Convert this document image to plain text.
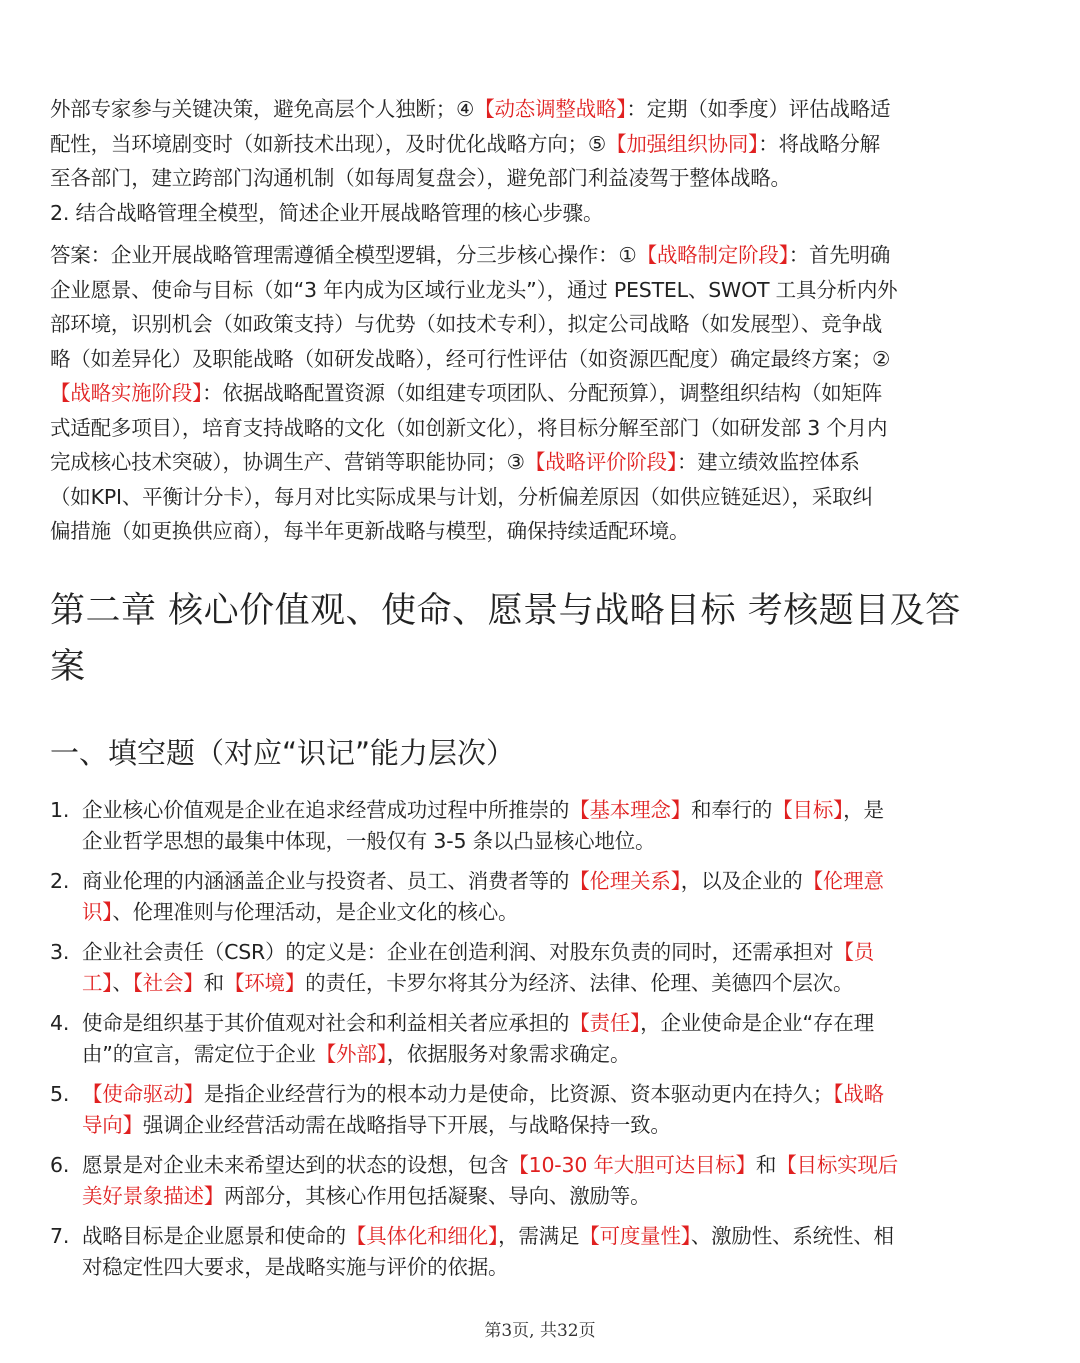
外部专家参与关键决策，避免高层个人独断；④【动态调整战略】：定期（如季度）评估战略适
配性，当环境剧变时（如新技术出现），及时优化战略方向；⑤【加强组织协同】：将战略分解
至各部门，建立跨部门沟通机制（如每周复盘会），避免部门利益凌驾于整体战略。
2. 结合战略管理全模型，简述企业开展战略管理的核心步骤。
答案：企业开展战略管理需遵循全模型逻辑，分三步核心操作：①【战略制定阶段】：首先明确
企业愿景、使命与目标（如“3 年内成为区域行业龙头”），通过 PESTEL、SWOT 工具分析内外
部环境，识别机会（如政策支持）与优势（如技术专利），拟定公司战略（如发展型）、竞争战
略（如差异化）及职能战略（如研发战略），经可行性评估（如资源匹配度）确定最终方案；②
【战略实施阶段】：依据战略配置资源（如组建专项团队、分配预算），调整组织结构（如矩阵
式适配多项目），培育支持战略的文化（如创新文化），将目标分解至部门（如研发部 3 个月内
完成核心技术突破），协调生产、营销等职能协同；③【战略评价阶段】：建立绩效监控体系
（如KPI、平衡计分卡），每月对比实际成果与计划，分析偏差原因（如供应链延迟），采取纠
偏措施（如更换供应商），每半年更新战略与模型，确保持续适配环境。
第二章 核心价值观、使命、愿景与战略目标 考核题目及答
案
一、填空题（对应“识记”能力层次）
1. 企业核心价值观是企业在追求经营成功过程中所推崇的【基本理念】和奉行的【目标】，是
企业哲学思想的最集中体现，一般仅有 3-5 条以凸显核心地位。
2. 商业伦理的内涵涵盖企业与投资者、员工、消费者等的【伦理关系】，以及企业的【伦理意
识】、伦理准则与伦理活动，是企业文化的核心。
3. 企业社会责任（CSR）的定义是：企业在创造利润、对股东负责的同时，还需承担对【员
工】、【社会】和【环境】的责任，卡罗尔将其分为经济、法律、伦理、美德四个层次。
4. 使命是组织基于其价值观对社会和利益相关者应承担的【责任】，企业使命是企业“存在理
由”的宣言，需定位于企业【外部】，依据服务对象需求确定。
5. 【使命驱动】是指企业经营行为的根本动力是使命，比资源、资本驱动更内在持久；【战略
导向】强调企业经营活动需在战略指导下开展，与战略保持一致。
6. 愿景是对企业未来希望达到的状态的设想，包含【10-30 年大胆可达目标】和【目标实现后
美好景象描述】两部分，其核心作用包括凝聚、导向、激励等。
7. 战略目标是企业愿景和使命的【具体化和细化】，需满足【可度量性】、激励性、系统性、相
对稳定性四大要求，是战略实施与评价的依据。
第3页, 共32页
